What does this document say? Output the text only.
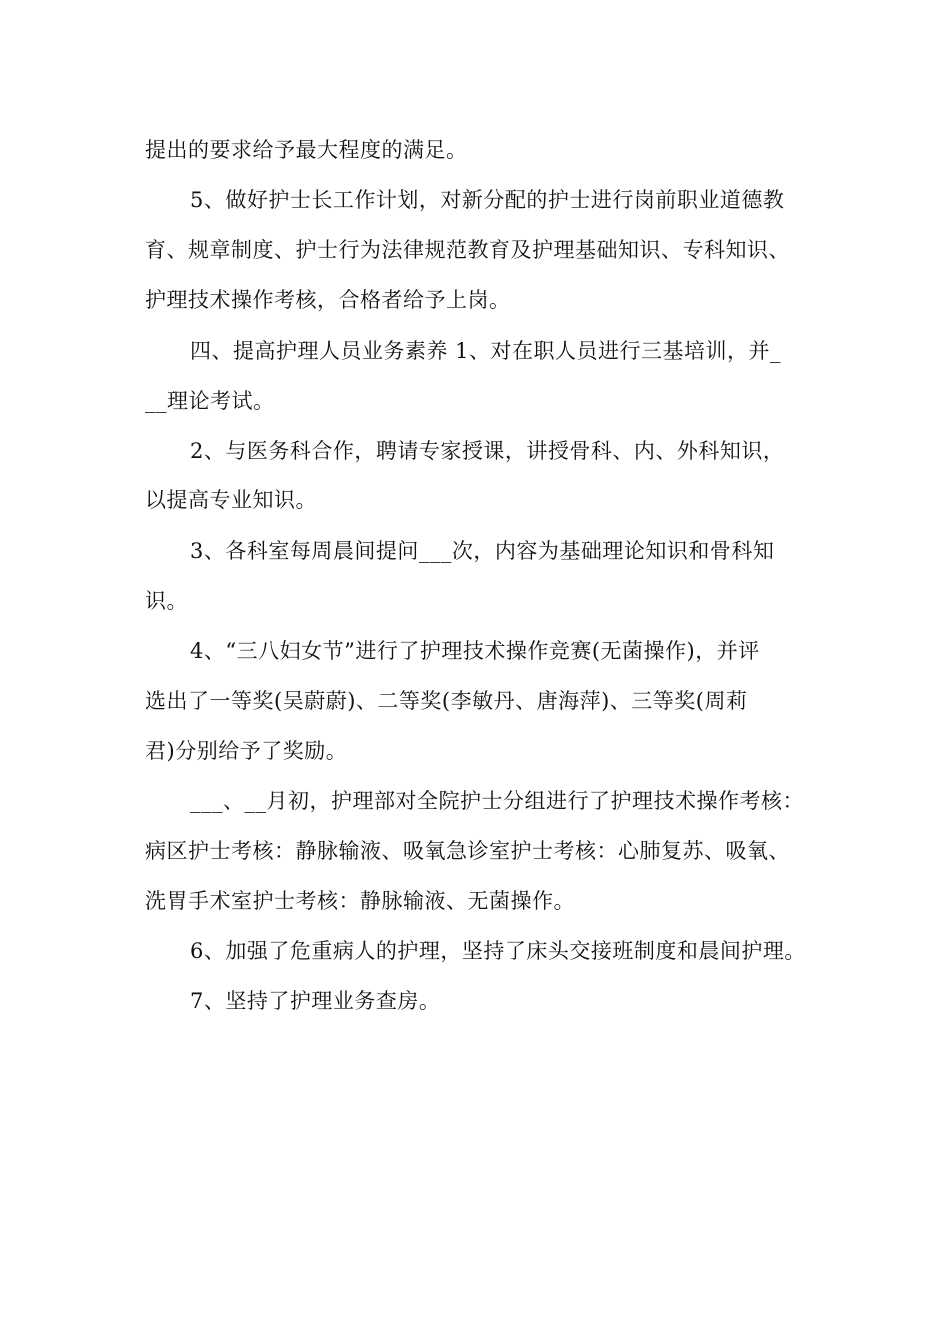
提出的要求给予最大程度的满足。
5、做好护士长工作计划，对新分配的护士进行岗前职业道德教
育、规章制度、护士行为法律规范教育及护理基础知识、专科知识、
护理技术操作考核，合格者给予上岗。
四、提高护理人员业务素养 1、对在职人员进行三基培训，并_
__理论考试。
2、与医务科合作，聘请专家授课，讲授骨科、内、外科知识，
以提高专业知识。
3、各科室每周晨间提问___次，内容为基础理论知识和骨科知
识。
4、“三八妇女节”进行了护理技术操作竞赛(无菌操作)，并评
选出了一等奖(吴蔚蔚)、二等奖(李敏丹、唐海萍)、三等奖(周莉
君)分别给予了奖励。
___、__月初，护理部对全院护士分组进行了护理技术操作考核：
病区护士考核：静脉输液、吸氧急诊室护士考核：心肺复苏、吸氧、
洗胃手术室护士考核：静脉输液、无菌操作。
6、加强了危重病人的护理，坚持了床头交接班制度和晨间护理。
7、坚持了护理业务查房。
